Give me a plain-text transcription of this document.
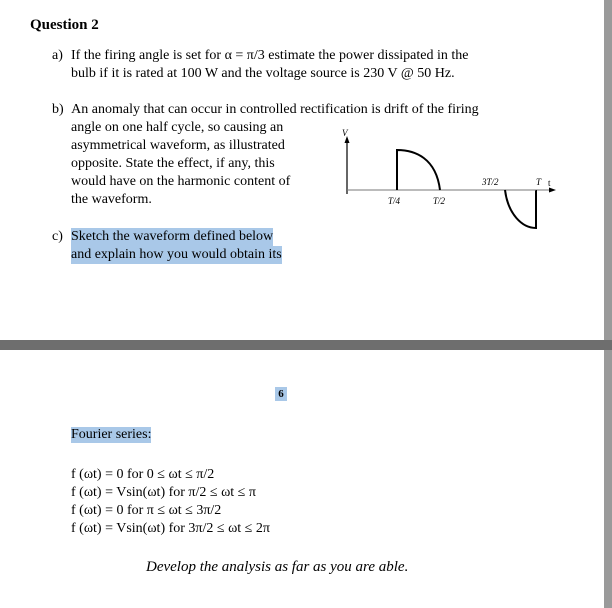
Question 2
a) If the firing angle is set for α = π/3 estimate the power dissipated in the
bulb if it is rated at 100 W and the voltage source is 230 V @ 50 Hz.
b) An anomaly that can occur in controlled rectification is drift of the firing
angle on one half cycle, so causing an
asymmetrical waveform, as illustrated
opposite. State the effect, if any, this
would have on the harmonic content of
the waveform.
V
t
T/4	T/2
3T/2	T
c) Sketch the waveform defined below
and explain how you would obtain its
6
Fourier series:
f (ωt) = 0 for 0 ≤ ωt ≤ π/2
f (ωt) = Vsin(ωt) for π/2 ≤ ωt ≤ π
f (ωt) = 0 for π ≤ ωt ≤ 3π/2
f (ωt) = Vsin(ωt) for 3π/2 ≤ ωt ≤ 2π
Develop the analysis as far as you are able.
